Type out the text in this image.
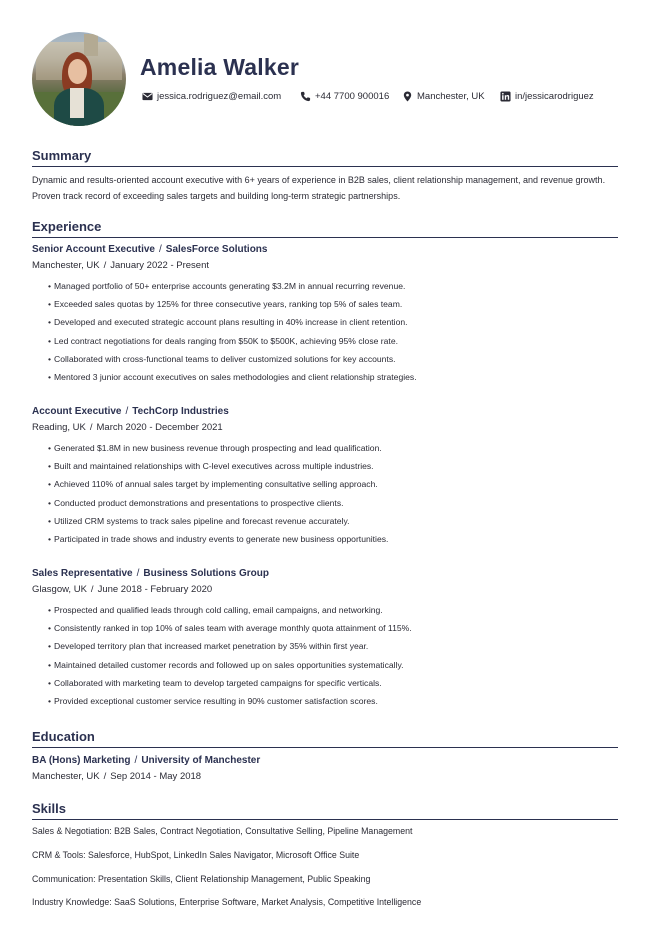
Amelia Walker
jessica.rodriguez@email.com	+44 7700 900016	Manchester, UK	in/jessicarodriguez
Summary
Dynamic and results-oriented account executive with 6+ years of experience in B2B sales, client relationship management, and revenue growth. Proven track record of exceeding sales targets and building long-term strategic partnerships.
Experience
Senior Account Executive / SalesForce Solutions
Manchester, UK / January 2022 - Present
• Managed portfolio of 50+ enterprise accounts generating $3.2M in annual recurring revenue.
• Exceeded sales quotas by 125% for three consecutive years, ranking top 5% of sales team.
• Developed and executed strategic account plans resulting in 40% increase in client retention.
• Led contract negotiations for deals ranging from $50K to $500K, achieving 95% close rate.
• Collaborated with cross-functional teams to deliver customized solutions for key accounts.
• Mentored 3 junior account executives on sales methodologies and client relationship strategies.
Account Executive / TechCorp Industries
Reading, UK / March 2020 - December 2021
• Generated $1.8M in new business revenue through prospecting and lead qualification.
• Built and maintained relationships with C-level executives across multiple industries.
• Achieved 110% of annual sales target by implementing consultative selling approach.
• Conducted product demonstrations and presentations to prospective clients.
• Utilized CRM systems to track sales pipeline and forecast revenue accurately.
• Participated in trade shows and industry events to generate new business opportunities.
Sales Representative / Business Solutions Group
Glasgow, UK / June 2018 - February 2020
• Prospected and qualified leads through cold calling, email campaigns, and networking.
• Consistently ranked in top 10% of sales team with average monthly quota attainment of 115%.
• Developed territory plan that increased market penetration by 35% within first year.
• Maintained detailed customer records and followed up on sales opportunities systematically.
• Collaborated with marketing team to develop targeted campaigns for specific verticals.
• Provided exceptional customer service resulting in 90% customer satisfaction scores.
Education
BA (Hons) Marketing / University of Manchester
Manchester, UK / Sep 2014 - May 2018
Skills
Sales & Negotiation: B2B Sales, Contract Negotiation, Consultative Selling, Pipeline Management
CRM & Tools: Salesforce, HubSpot, LinkedIn Sales Navigator, Microsoft Office Suite
Communication: Presentation Skills, Client Relationship Management, Public Speaking
Industry Knowledge: SaaS Solutions, Enterprise Software, Market Analysis, Competitive Intelligence
